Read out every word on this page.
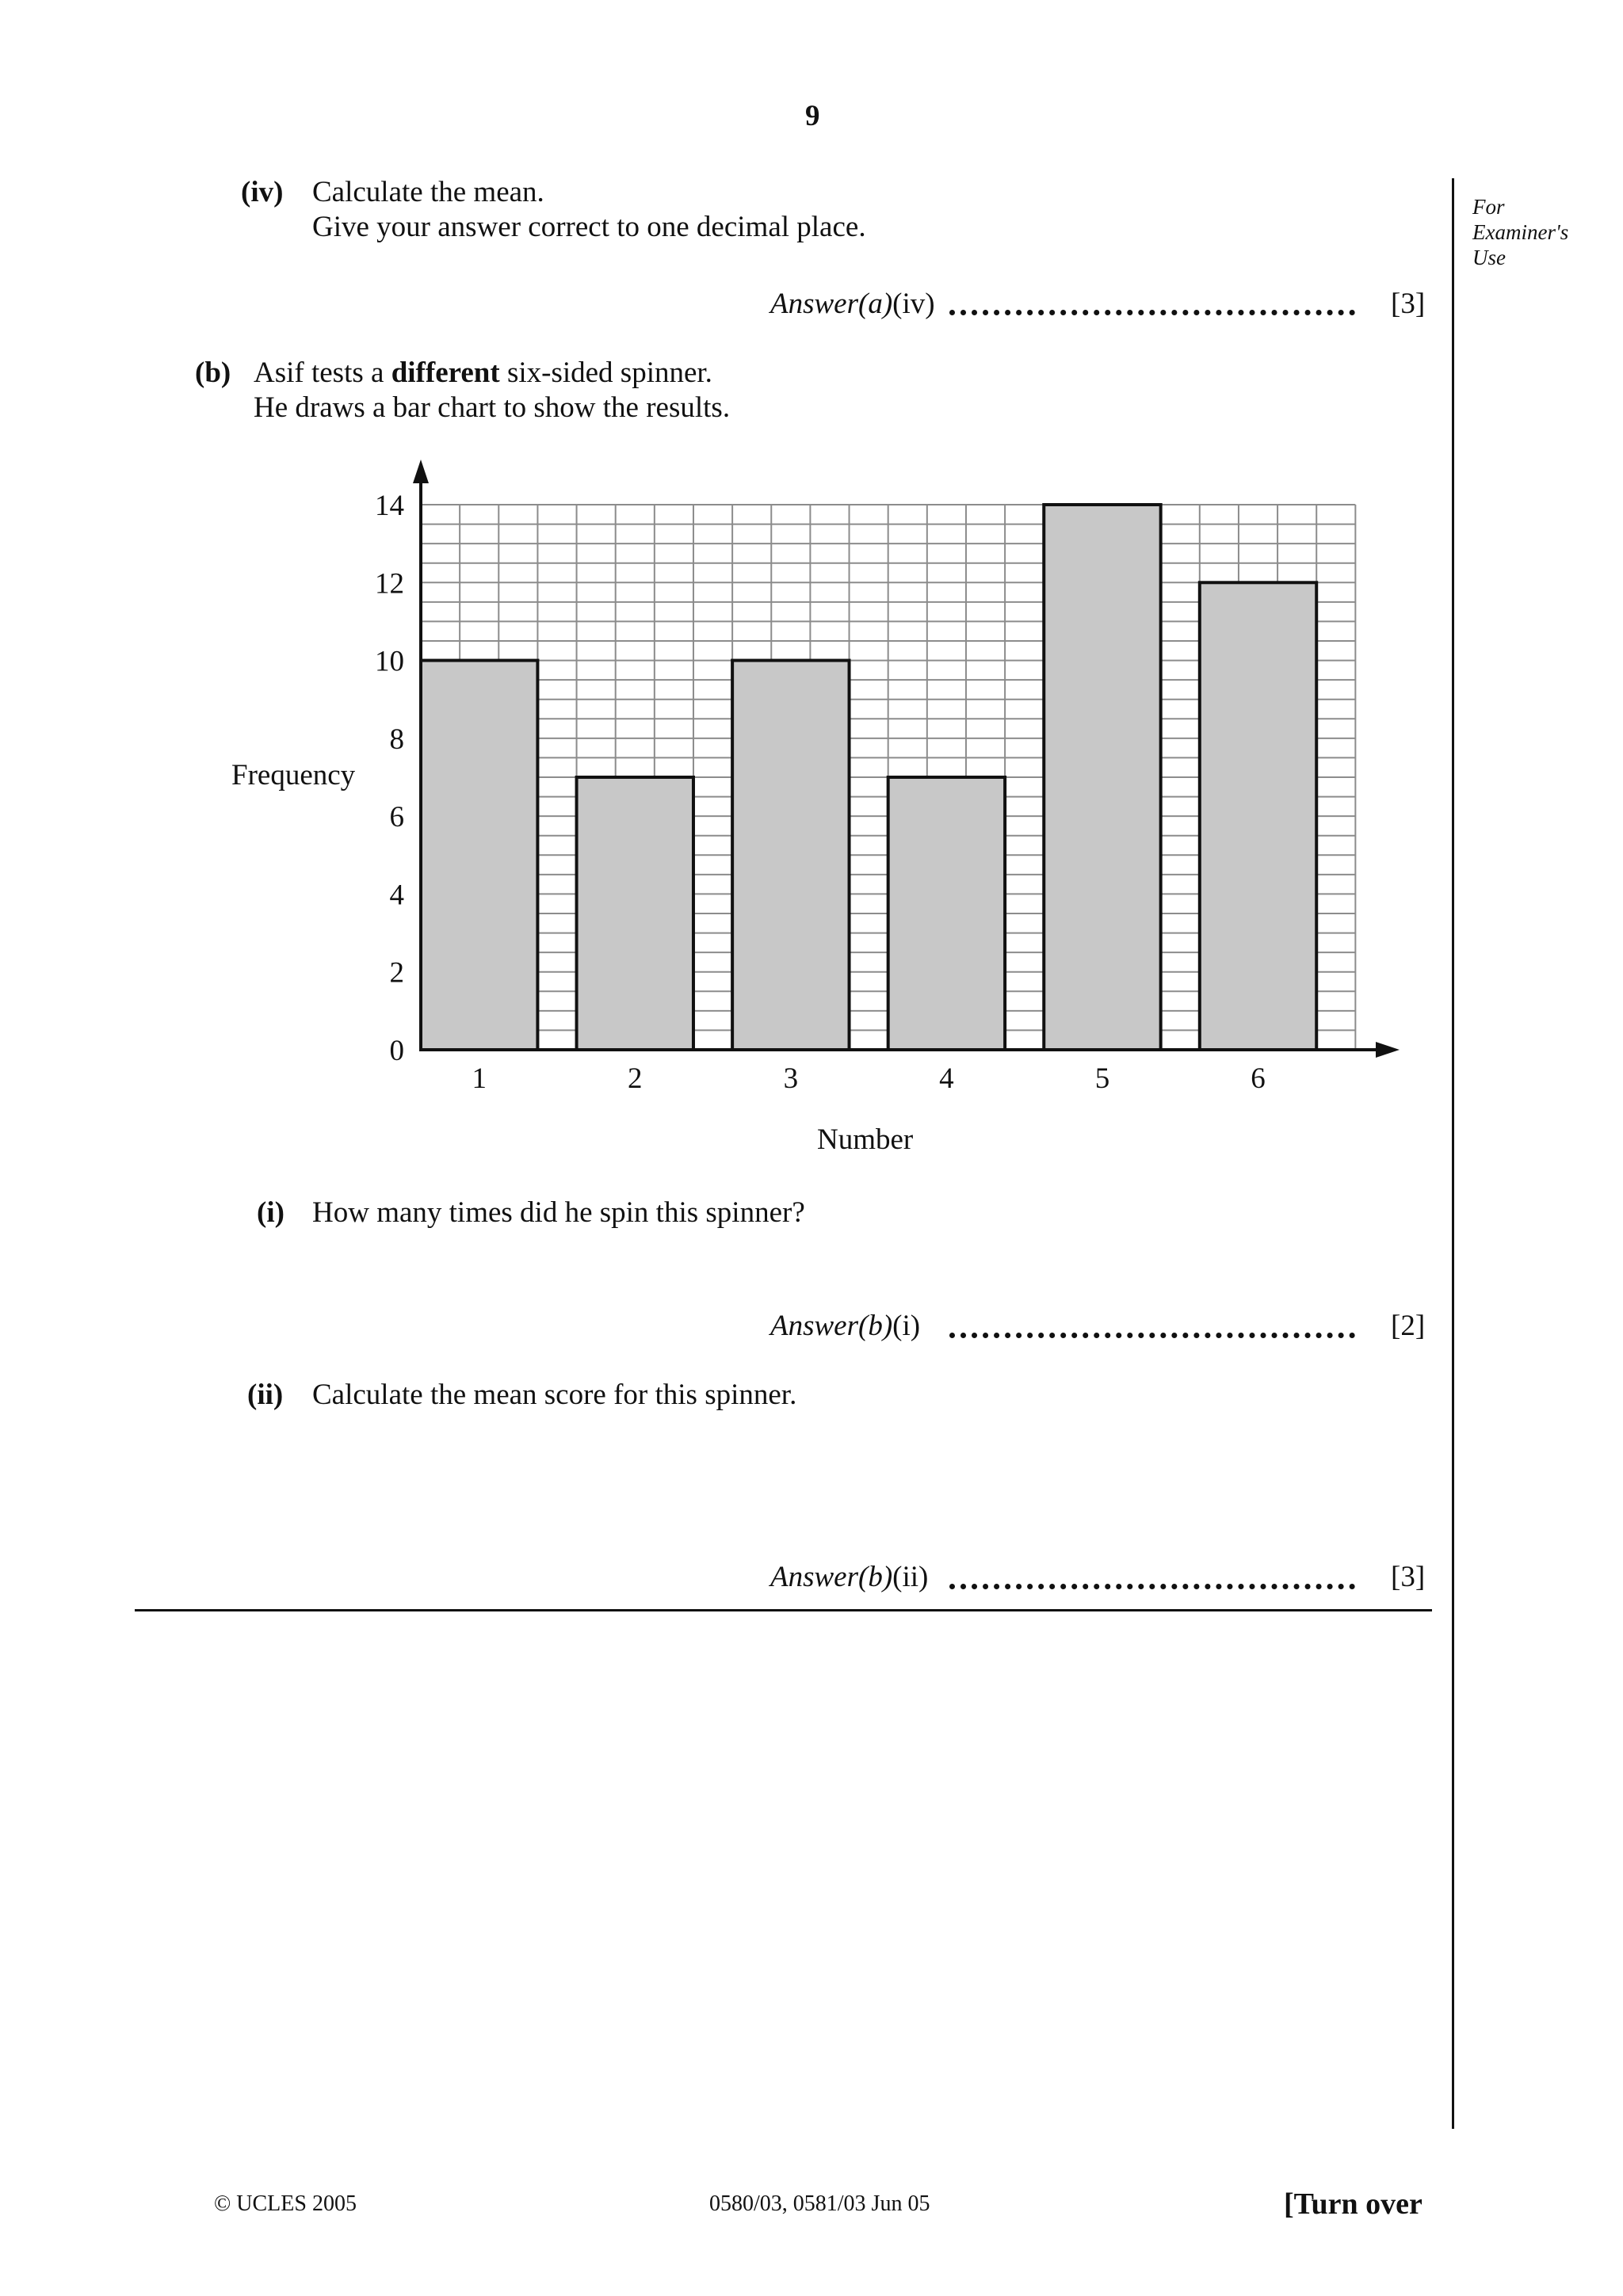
9
For
Examiner's
Use
(iv) Calculate the mean.
Give your answer correct to one decimal place.
Answer(a)(iv)	[3]
(b) Asif tests a different six-sided spinner.
He draws a bar chart to show the results.
0
2
4
6
8
10
12
14
1	2	3	4	5	6
Frequency
Number
(i) How many times did he spin this spinner?
Answer(b)(i)	[2]
(ii) Calculate the mean score for this spinner.
Answer(b)(ii)	[3]
© UCLES 2005	0580/03, 0581/03 Jun 05	[Turn over
